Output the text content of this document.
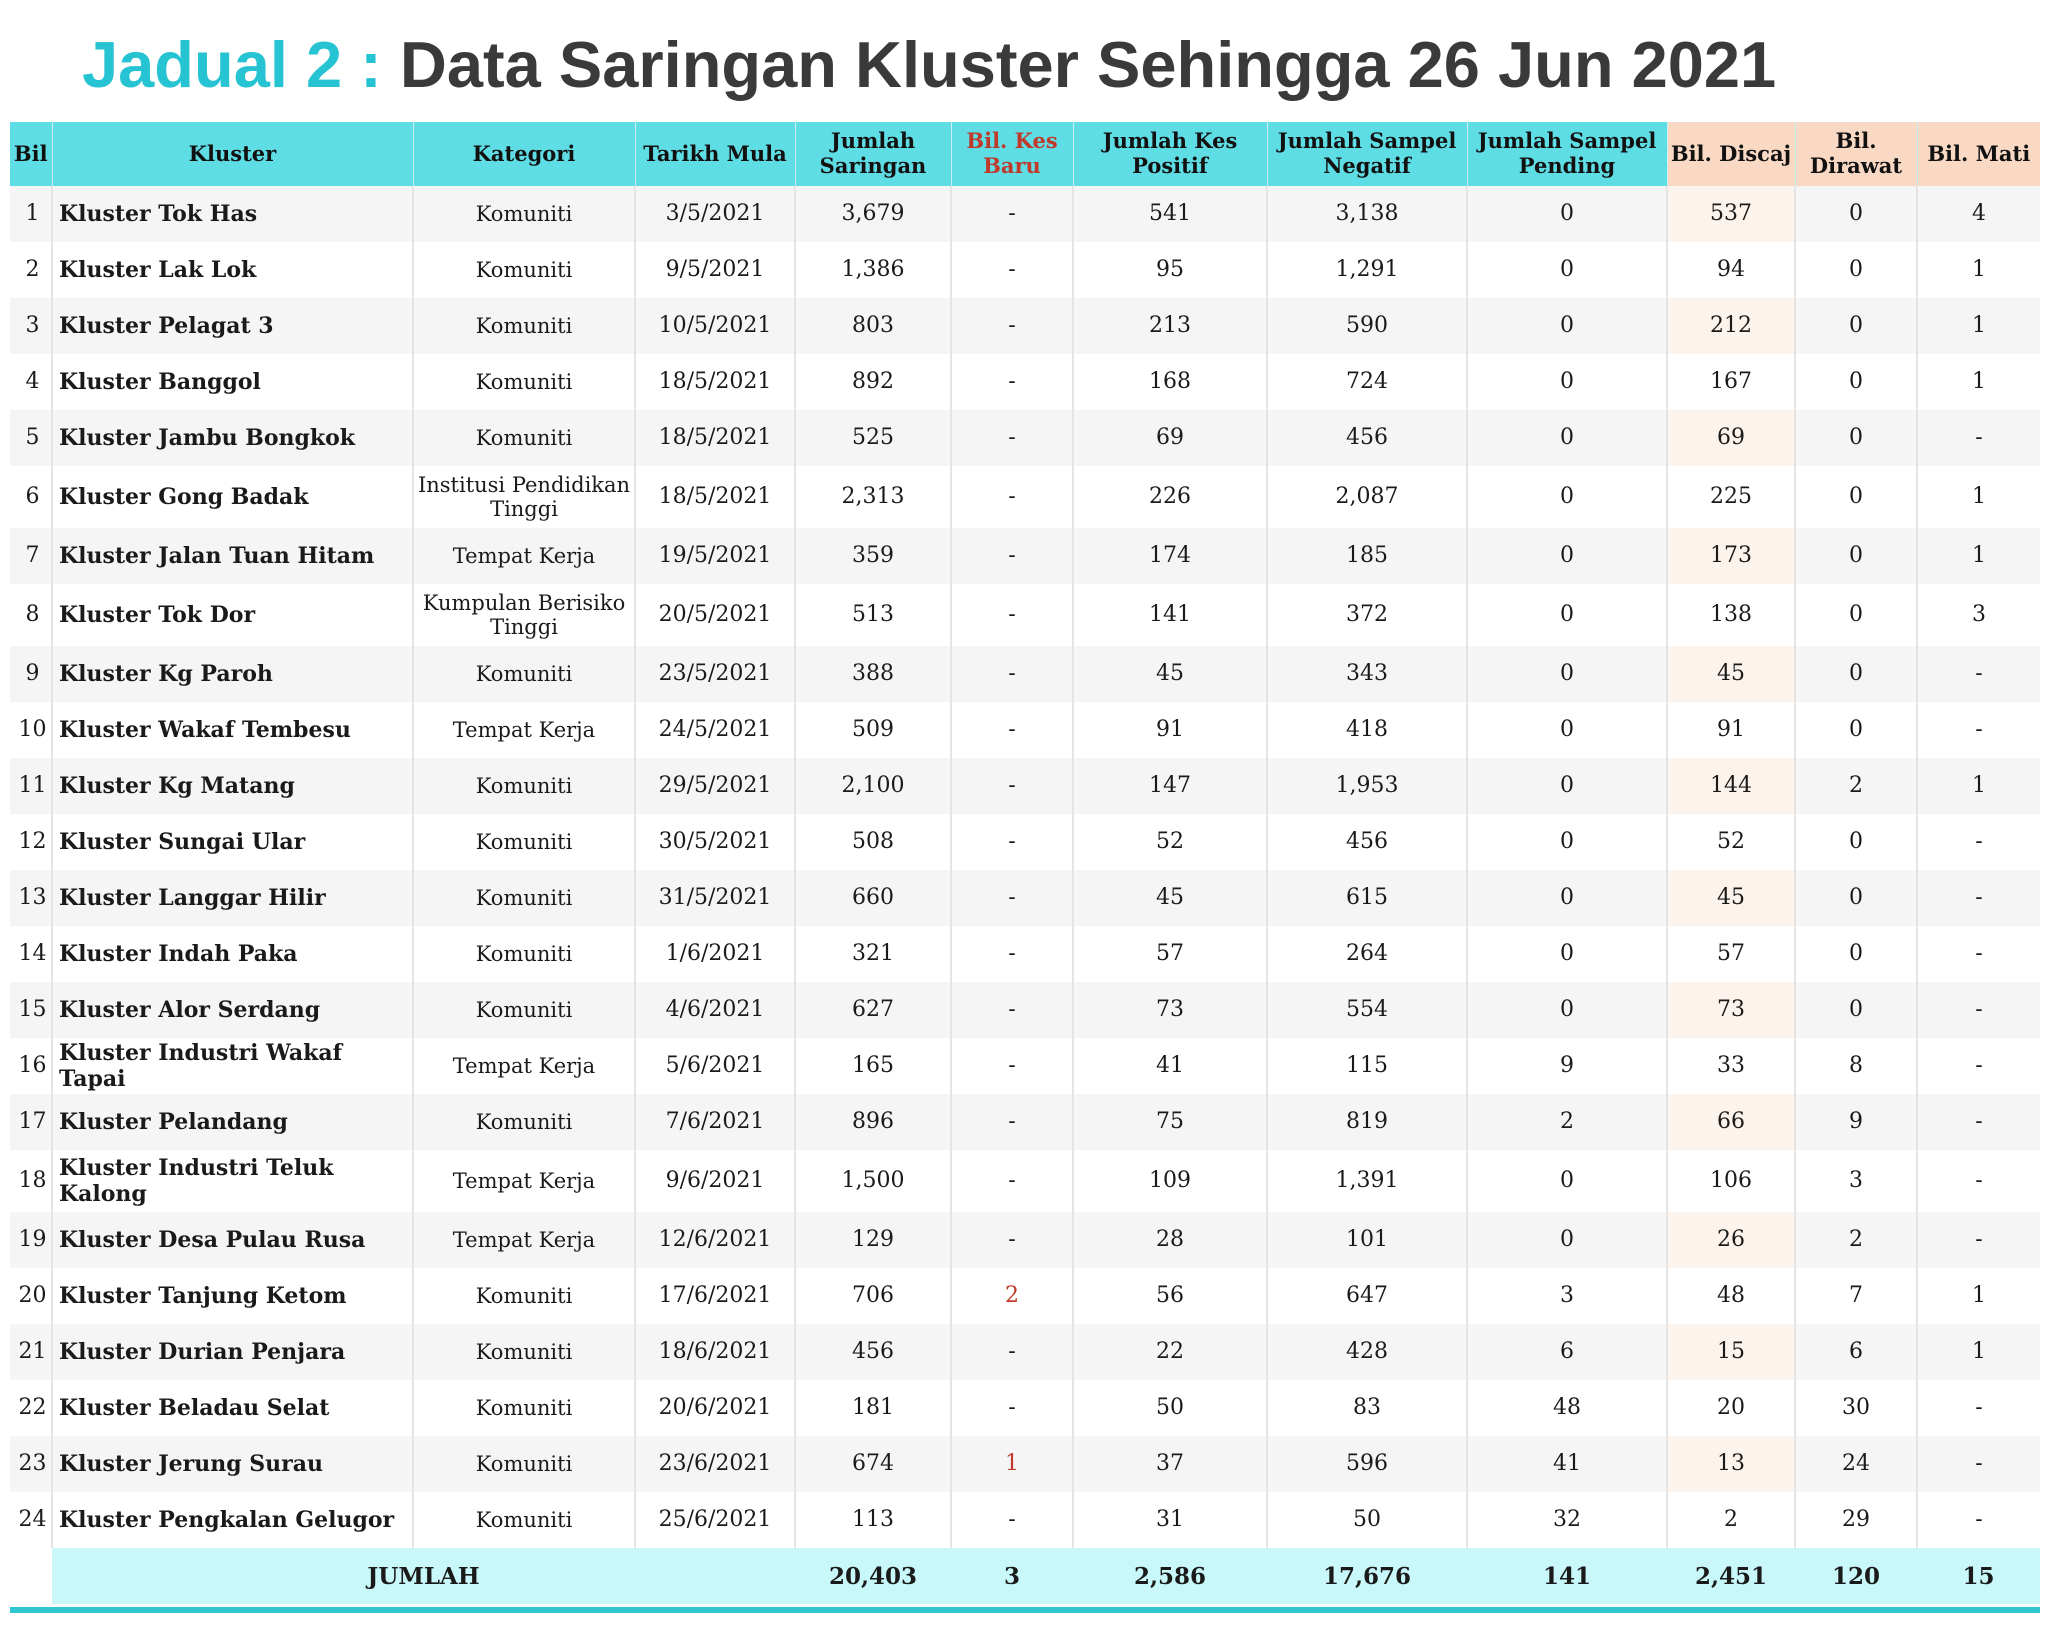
Jadual 2 : Data Saringan Kluster Sehingga 26 Jun 2021
Bil	Kluster	Kategori	Tarikh Mula	Jumlah Saringan	Bil. Kes Baru	Jumlah Kes Positif	Jumlah Sampel Negatif	Jumlah Sampel Pending	Bil. Discaj	Bil. Dirawat	Bil. Mati
1	Kluster Tok Has	Komuniti	3/5/2021	3,679	-	541	3,138	0	537	0	4
2	Kluster Lak Lok	Komuniti	9/5/2021	1,386	-	95	1,291	0	94	0	1
3	Kluster Pelagat 3	Komuniti	10/5/2021	803	-	213	590	0	212	0	1
4	Kluster Banggol	Komuniti	18/5/2021	892	-	168	724	0	167	0	1
5	Kluster Jambu Bongkok	Komuniti	18/5/2021	525	-	69	456	0	69	0	-
6	Kluster Gong Badak	Institusi Pendidikan Tinggi	18/5/2021	2,313	-	226	2,087	0	225	0	1
7	Kluster Jalan Tuan Hitam	Tempat Kerja	19/5/2021	359	-	174	185	0	173	0	1
8	Kluster Tok Dor	Kumpulan Berisiko Tinggi	20/5/2021	513	-	141	372	0	138	0	3
9	Kluster Kg Paroh	Komuniti	23/5/2021	388	-	45	343	0	45	0	-
10	Kluster Wakaf Tembesu	Tempat Kerja	24/5/2021	509	-	91	418	0	91	0	-
11	Kluster Kg Matang	Komuniti	29/5/2021	2,100	-	147	1,953	0	144	2	1
12	Kluster Sungai Ular	Komuniti	30/5/2021	508	-	52	456	0	52	0	-
13	Kluster Langgar Hilir	Komuniti	31/5/2021	660	-	45	615	0	45	0	-
14	Kluster Indah Paka	Komuniti	1/6/2021	321	-	57	264	0	57	0	-
15	Kluster Alor Serdang	Komuniti	4/6/2021	627	-	73	554	0	73	0	-
16	Kluster Industri Wakaf Tapai	Tempat Kerja	5/6/2021	165	-	41	115	9	33	8	-
17	Kluster Pelandang	Komuniti	7/6/2021	896	-	75	819	2	66	9	-
18	Kluster Industri Teluk Kalong	Tempat Kerja	9/6/2021	1,500	-	109	1,391	0	106	3	-
19	Kluster Desa Pulau Rusa	Tempat Kerja	12/6/2021	129	-	28	101	0	26	2	-
20	Kluster Tanjung Ketom	Komuniti	17/6/2021	706	2	56	647	3	48	7	1
21	Kluster Durian Penjara	Komuniti	18/6/2021	456	-	22	428	6	15	6	1
22	Kluster Beladau Selat	Komuniti	20/6/2021	181	-	50	83	48	20	30	-
23	Kluster Jerung Surau	Komuniti	23/6/2021	674	1	37	596	41	13	24	-
24	Kluster Pengkalan Gelugor	Komuniti	25/6/2021	113	-	31	50	32	2	29	-
	JUMLAH			20,403	3	2,586	17,676	141	2,451	120	15
